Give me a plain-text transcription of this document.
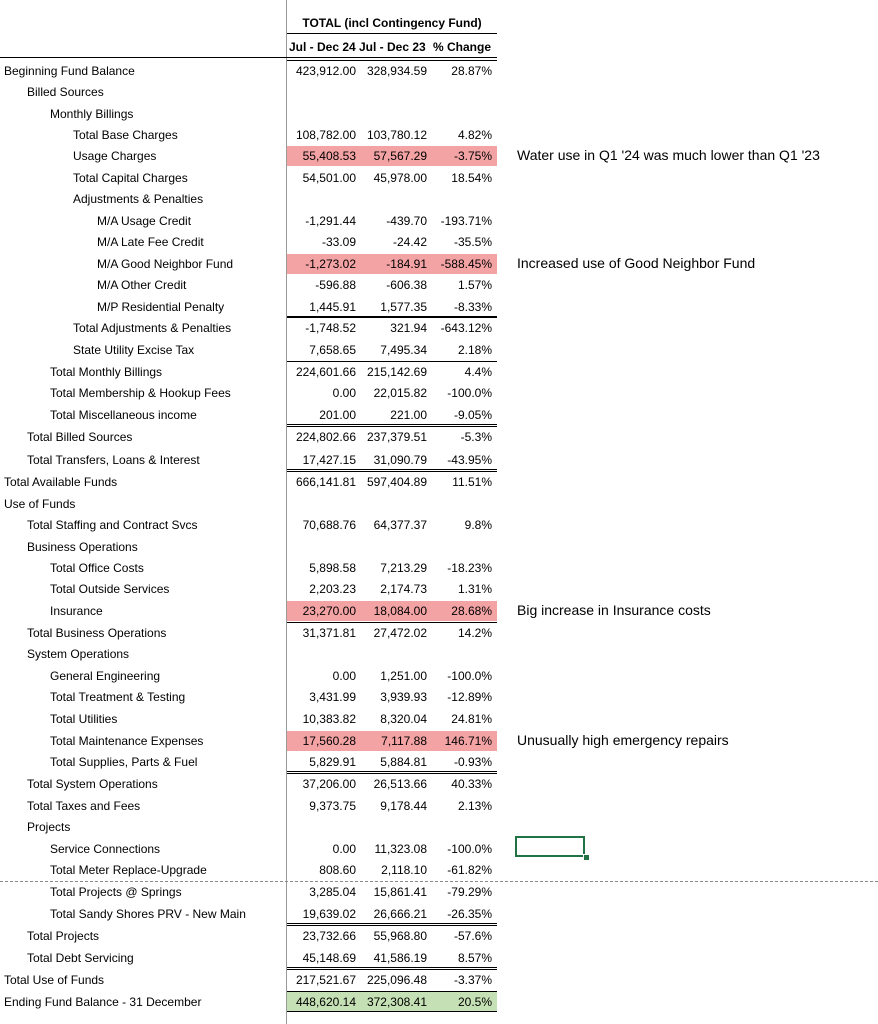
TOTAL (incl Contingency Fund)
Jul - Dec 24 Jul - Dec 23 % Change
Beginning Fund Balance	423,912.00 328,934.59	28.87%
Billed Sources
Monthly Billings
Total Base Charges	108,782.00 103,780.12	4.82%
Usage Charges	55,408.53	57,567.29	-3.75% Water use in Q1 '24 was much lower than Q1 '23
Total Capital Charges	54,501.00	45,978.00	18.54%
Adjustments & Penalties
M/A Usage Credit	-1,291.44	-439.70	-193.71%
M/A Late Fee Credit	-33.09	-24.42	-35.5%
M/A Good Neighbor Fund	-1,273.02	-184.91	-588.45% Increased use of Good Neighbor Fund
M/A Other Credit	-596.88	-606.38	1.57%
M/P Residential Penalty	1,445.91	1,577.35	-8.33%
Total Adjustments & Penalties	-1,748.52	321.94	-643.12%
State Utility Excise Tax	7,658.65	7,495.34	2.18%
Total Monthly Billings	224,601.66 215,142.69	4.4%
Total Membership & Hookup Fees	0.00	22,015.82	-100.0%
Total Miscellaneous income	201.00	221.00	-9.05%
Total Billed Sources	224,802.66 237,379.51	-5.3%
Total Transfers, Loans & Interest	17,427.15	31,090.79	-43.95%
Total Available Funds	666,141.81 597,404.89	11.51%
Use of Funds
Total Staffing and Contract Svcs	70,688.76	64,377.37	9.8%
Business Operations
Total Office Costs	5,898.58	7,213.29	-18.23%
Total Outside Services	2,203.23	2,174.73	1.31%
Insurance	23,270.00	18,084.00	28.68% Big increase in Insurance costs
Total Business Operations	31,371.81	27,472.02	14.2%
System Operations
General Engineering	0.00	1,251.00	-100.0%
Total Treatment & Testing	3,431.99	3,939.93	-12.89%
Total Utilities	10,383.82	8,320.04	24.81%
Total Maintenance Expenses	17,560.28	7,117.88	146.71% Unusually high emergency repairs
Total Supplies, Parts & Fuel	5,829.91	5,884.81	-0.93%
Total System Operations	37,206.00	26,513.66	40.33%
Total Taxes and Fees	9,373.75	9,178.44	2.13%
Projects
Service Connections	0.00	11,323.08	-100.0%
Total Meter Replace-Upgrade	808.60	2,118.10	-61.82%
Total Projects @ Springs	3,285.04	15,861.41	-79.29%
Total Sandy Shores PRV - New Main	19,639.02	26,666.21	-26.35%
Total Projects	23,732.66	55,968.80	-57.6%
Total Debt Servicing	45,148.69	41,586.19	8.57%
Total Use of Funds	217,521.67 225,096.48	-3.37%
Ending Fund Balance - 31 December	448,620.14 372,308.41	20.5%
